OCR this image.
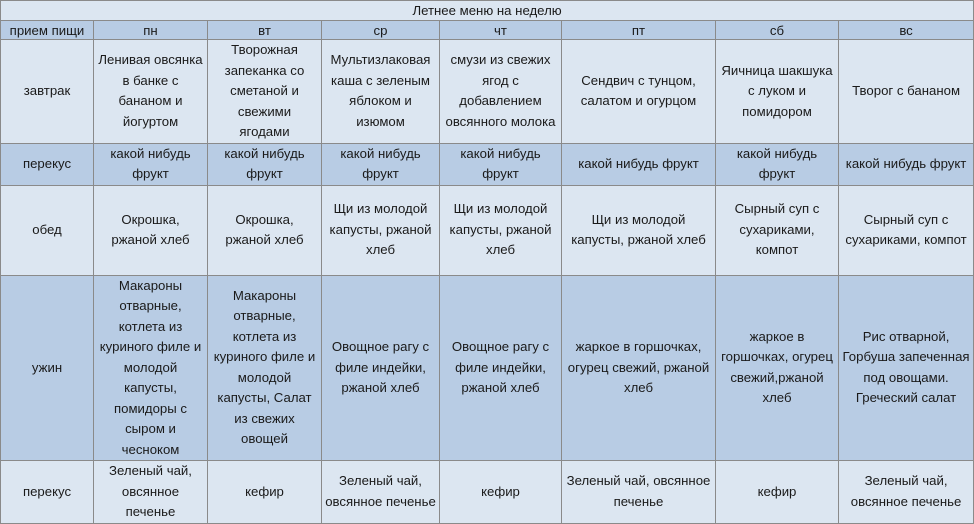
Летнее меню на неделю							
прием пищи	пн	вт	ср	чт	пт	сб	вс
завтрак	Ленивая овсянка в банке с бананом и йогуртом	Творожная запеканка со сметаной и свежими ягодами	Мультизлаковая каша с зеленым яблоком и изюмом	смузи из свежих ягод с добавлением овсянного молока	Сендвич с тунцом, салатом и огурцом	Яичница шакшука с луком и помидором	Творог с бананом
перекус	какой нибудь фрукт	какой нибудь фрукт	какой нибудь фрукт	какой нибудь фрукт	какой нибудь фрукт	какой нибудь фрукт	какой нибудь фрукт
обед	Окрошка, ржаной хлеб	Окрошка, ржаной хлеб	Щи из молодой капусты, ржаной хлеб	Щи из молодой капусты, ржаной хлеб	Щи из молодой капусты, ржаной хлеб	Сырный суп с сухариками, компот	Сырный суп с сухариками, компот
ужин	Макароны отварные, котлета из куриного филе и молодой капусты, помидоры с сыром и чесноком	Макароны отварные, котлета из куриного филе и молодой капусты, Салат из свежих овощей	Овощное рагу с филе индейки, ржаной хлеб	Овощное рагу с филе индейки, ржаной хлеб	жаркое в горшочках, огурец свежий, ржаной хлеб	жаркое в горшочках, огурец свежий,ржаной хлеб	Рис отварной, Горбуша запеченная под овощами. Греческий салат
перекус	Зеленый чай, овсянное печенье	кефир	Зеленый чай, овсянное печенье	кефир	Зеленый чай, овсянное печенье	кефир	Зеленый чай, овсянное печенье
